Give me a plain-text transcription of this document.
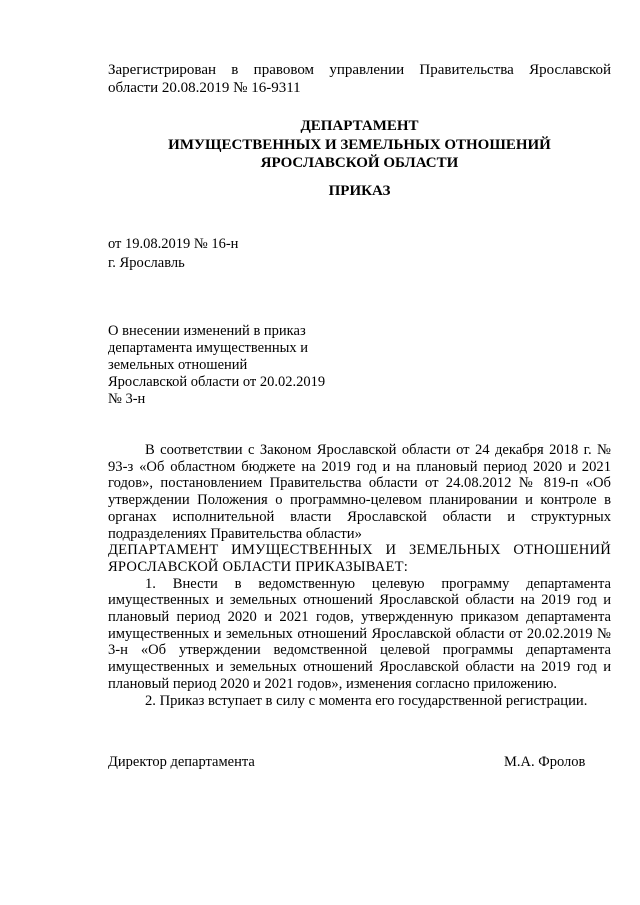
Зарегистрирован в правовом управлении Правительства Ярославской
области 20.08.2019 № 16-9311
ДЕПАРТАМЕНТ
ИМУЩЕСТВЕННЫХ И ЗЕМЕЛЬНЫХ ОТНОШЕНИЙ
ЯРОСЛАВСКОЙ ОБЛАСТИ
ПРИКАЗ
от 19.08.2019 № 16-н
г. Ярославль
О внесении изменений в приказ
департамента имущественных и
земельных отношений
Ярославской области от 20.02.2019
№ 3-н
В соответствии с Законом Ярославской области от 24 декабря 2018 г. № 93-з «Об областном бюджете на 2019 год и на плановый период 2020 и 2021 годов», постановлением Правительства области от 24.08.2012 № 819-п «Об утверждении Положения о программно-целевом планировании и контроле в органах исполнительной власти Ярославской области и структурных подразделениях Правительства области»
ДЕПАРТАМЕНТ ИМУЩЕСТВЕННЫХ И ЗЕМЕЛЬНЫХ ОТНОШЕНИЙ ЯРОСЛАВСКОЙ ОБЛАСТИ ПРИКАЗЫВАЕТ:
1. Внести в ведомственную целевую программу департамента имущественных и земельных отношений Ярославской области на 2019 год и плановый период 2020 и 2021 годов, утвержденную приказом департамента имущественных и земельных отношений Ярославской области от 20.02.2019 № 3-н «Об утверждении ведомственной целевой программы департамента имущественных и земельных отношений Ярославской области на 2019 год и плановый период 2020 и 2021 годов», изменения согласно приложению.
2. Приказ вступает в силу с момента его государственной регистрации.
Директор департамента	М.А. Фролов
